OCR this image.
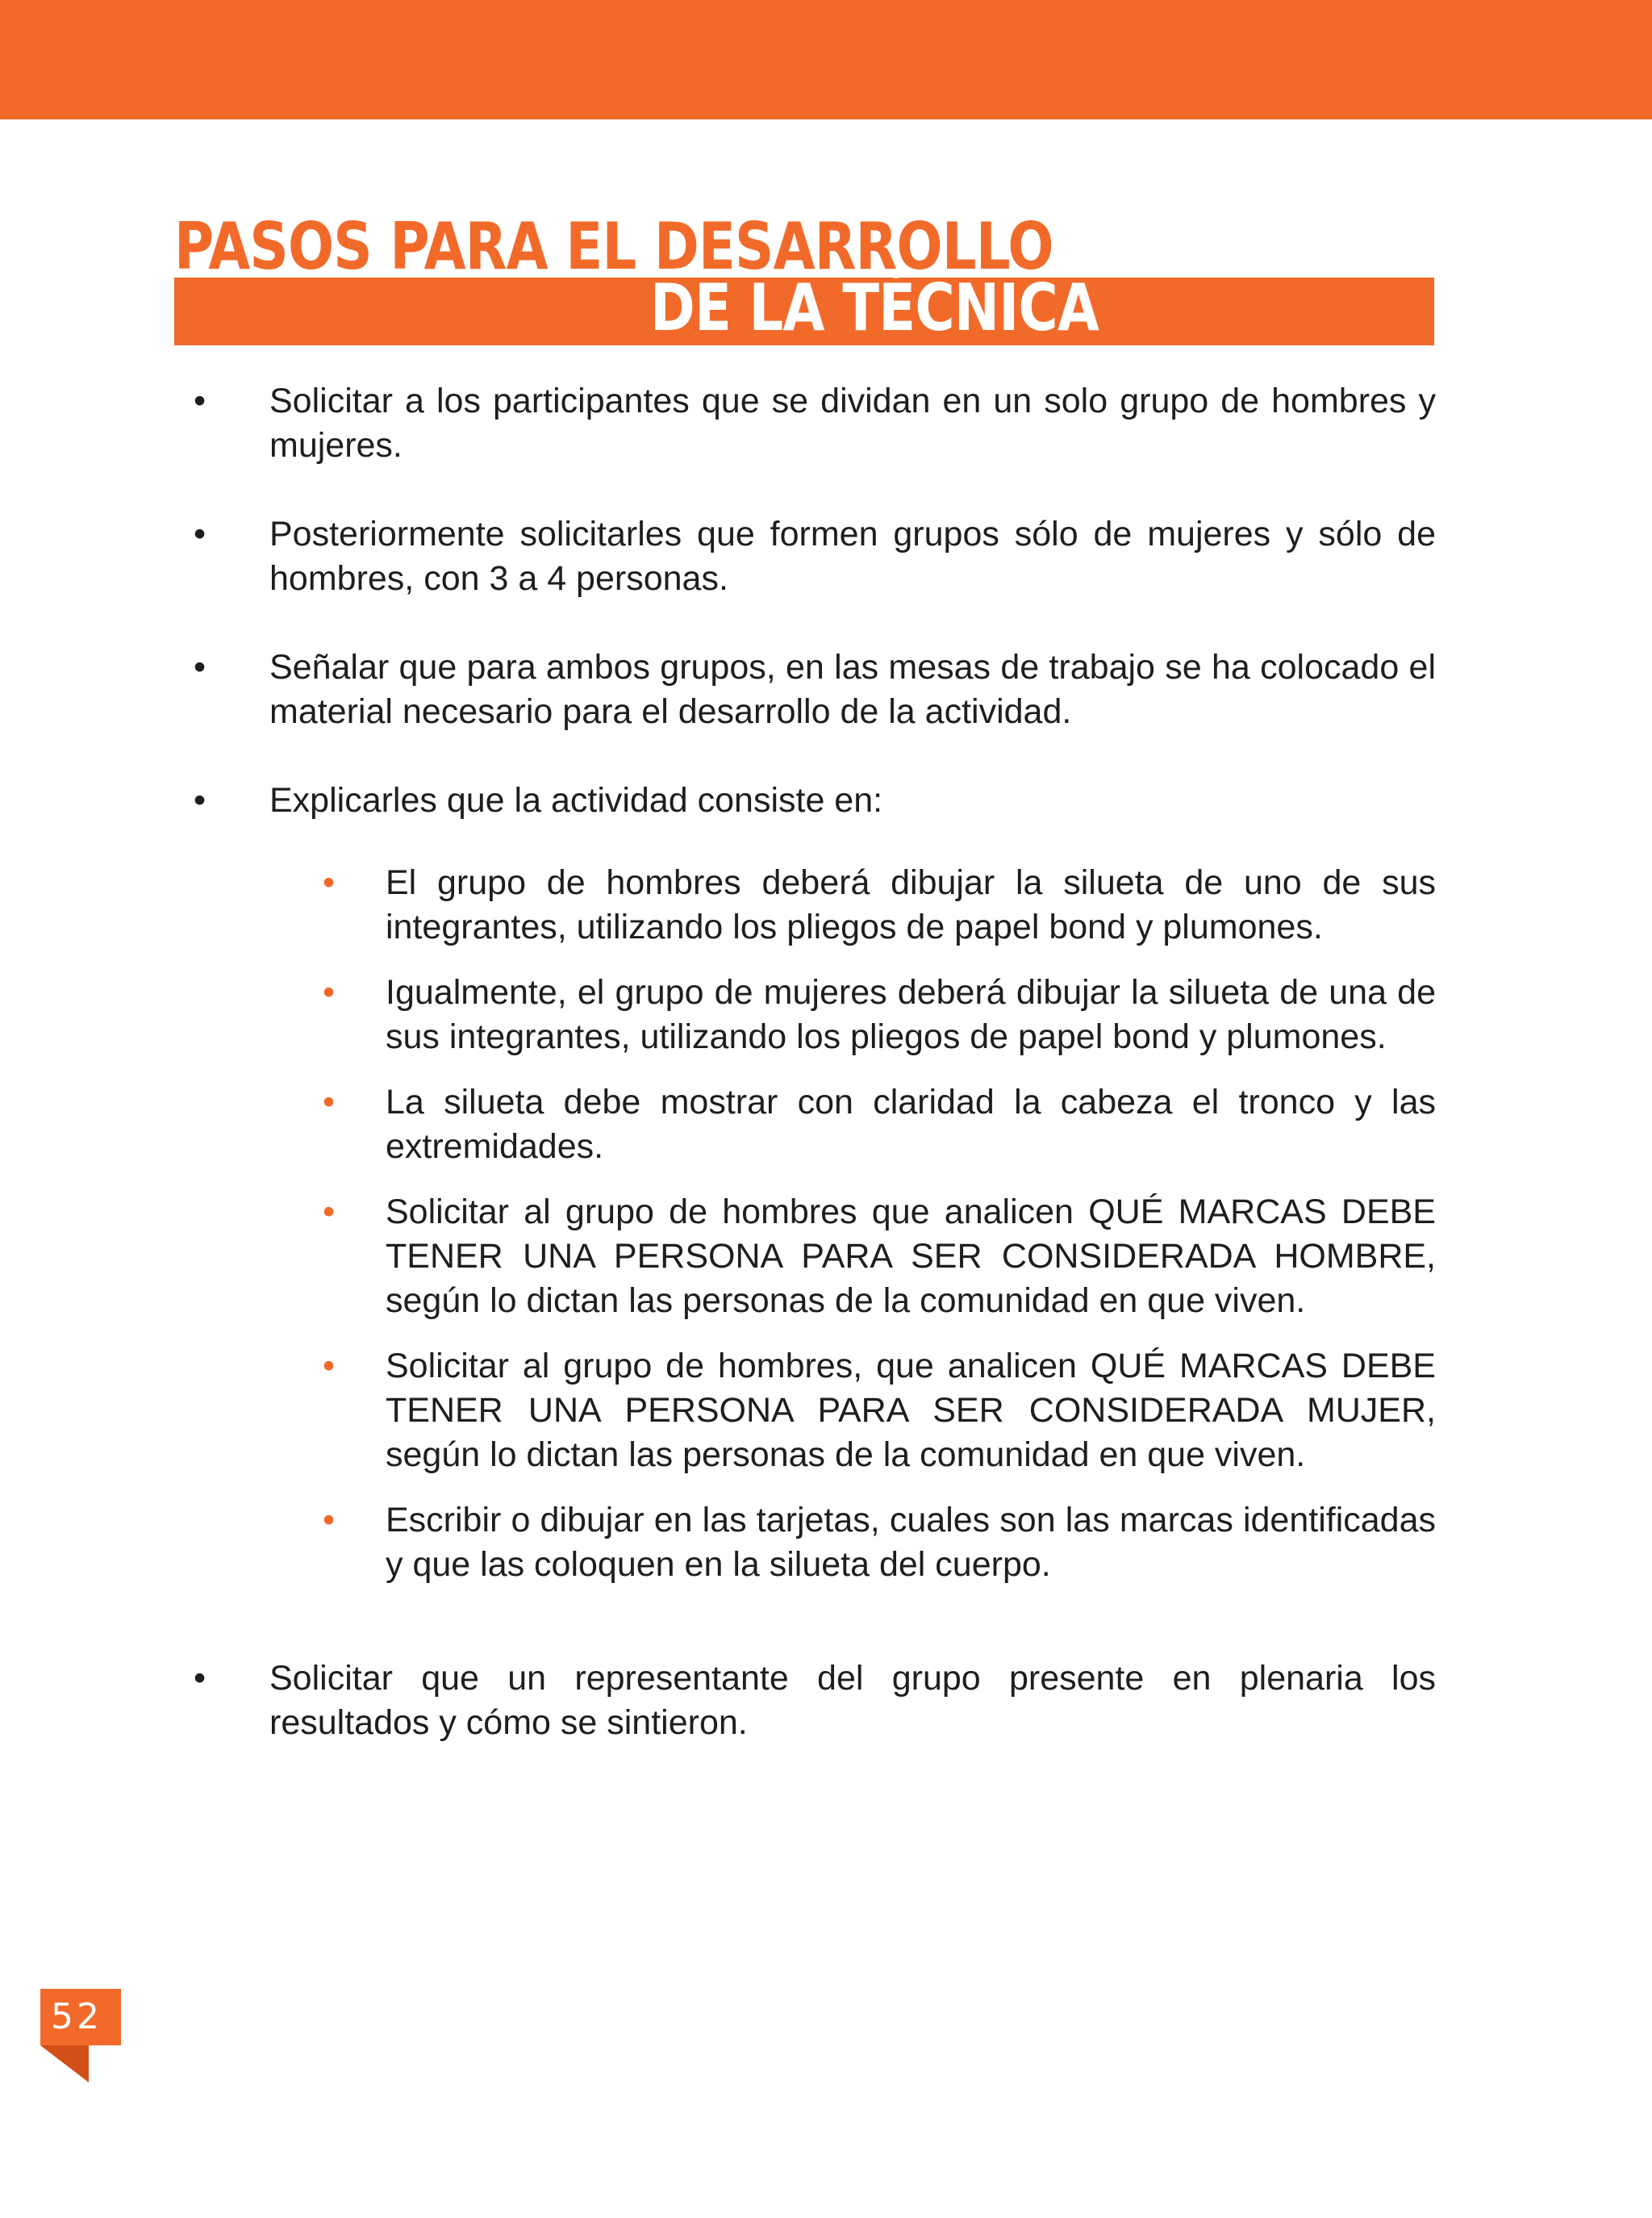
PASOS PARA EL DESARROLLO
DE LA TÉCNICA
• Solicitar a los participantes que se dividan en un solo grupo de hombres y mujeres.
• Posteriormente solicitarles que formen grupos sólo de mujeres y sólo de hombres, con 3 a 4 personas.
• Señalar que para ambos grupos, en las mesas de trabajo se ha colocado el material necesario para el desarrollo de la actividad.
• Explicarles que la actividad consiste en:
• El grupo de hombres deberá dibujar la silueta de uno de sus integrantes, utilizando los pliegos de papel bond y plumones.
• Igualmente, el grupo de mujeres deberá dibujar la silueta de una de sus integrantes, utilizando los pliegos de papel bond y plumones.
• La silueta debe mostrar con claridad la cabeza el tronco y las extremidades.
• Solicitar al grupo de hombres que analicen QUÉ MARCAS DEBE TENER UNA PERSONA PARA SER CONSIDERADA HOMBRE, según lo dictan las personas de la comunidad en que viven.
• Solicitar al grupo de hombres, que analicen QUÉ MARCAS DEBE TENER UNA PERSONA PARA SER CONSIDERADA MUJER, según lo dictan las personas de la comunidad en que viven.
• Escribir o dibujar en las tarjetas, cuales son las marcas identificadas y que las coloquen en la silueta del cuerpo.
• Solicitar que un representante del grupo presente en plenaria los resultados y cómo se sintieron.
52
